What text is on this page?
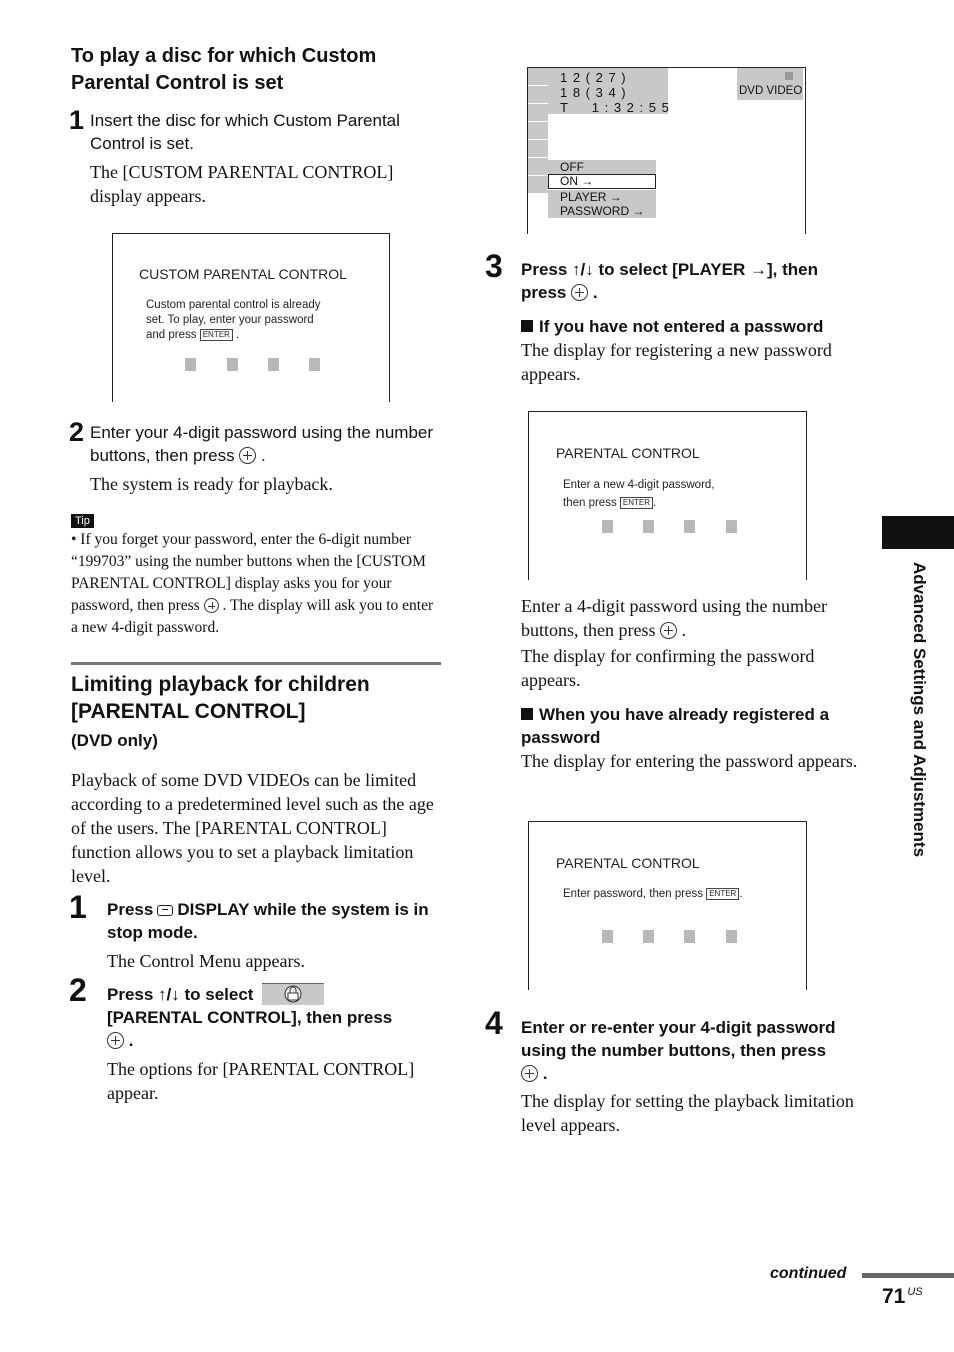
To play a disc for which Custom Parental Control is set
1 Insert the disc for which Custom Parental Control is set.
The [CUSTOM PARENTAL CONTROL] display appears.
CUSTOM PARENTAL CONTROL
Custom parental control is already
set. To play, enter your password
and press ENTER .
2 Enter your 4-digit password using the number buttons, then press  .
The system is ready for playback.
Tip
• If you forget your password, enter the 6-digit number “199703” using the number buttons when the [CUSTOM PARENTAL CONTROL] display asks you for your password, then press . The display will ask you to enter a new 4-digit password.
Limiting playback for children [PARENTAL CONTROL]
(DVD only)
Playback of some DVD VIDEOs can be limited according to a predetermined level such as the age of the users. The [PARENTAL CONTROL] function allows you to set a playback limitation level.
1 Press DISPLAY while the system is in stop mode.
The Control Menu appears.
2 Press ↑/↓ to select

[PARENTAL CONTROL], then press
.
The options for [PARENTAL CONTROL] appear.
1 2 ( 2 7 )
1 8 ( 3 4 )
T     1 : 3 2 : 5 5
DVD VIDEO
OFF
ON →
PLAYER →
PASSWORD →
3 Press ↑/↓ to select [PLAYER →], then press  .
If you have not entered a password
The display for registering a new password appears.
PARENTAL CONTROL
Enter a new 4-digit password,
then press ENTER .
Enter a 4-digit password using the number buttons, then press  .
The display for confirming the password appears.
When you have already registered a password
The display for entering the password appears.
PARENTAL CONTROL
Enter password, then press ENTER .
4 Enter or re-enter your 4-digit password using the number buttons, then press
.
The display for setting the playback limitation level appears.
Advanced Settings and Adjustments
continued
71 $^{US}$
